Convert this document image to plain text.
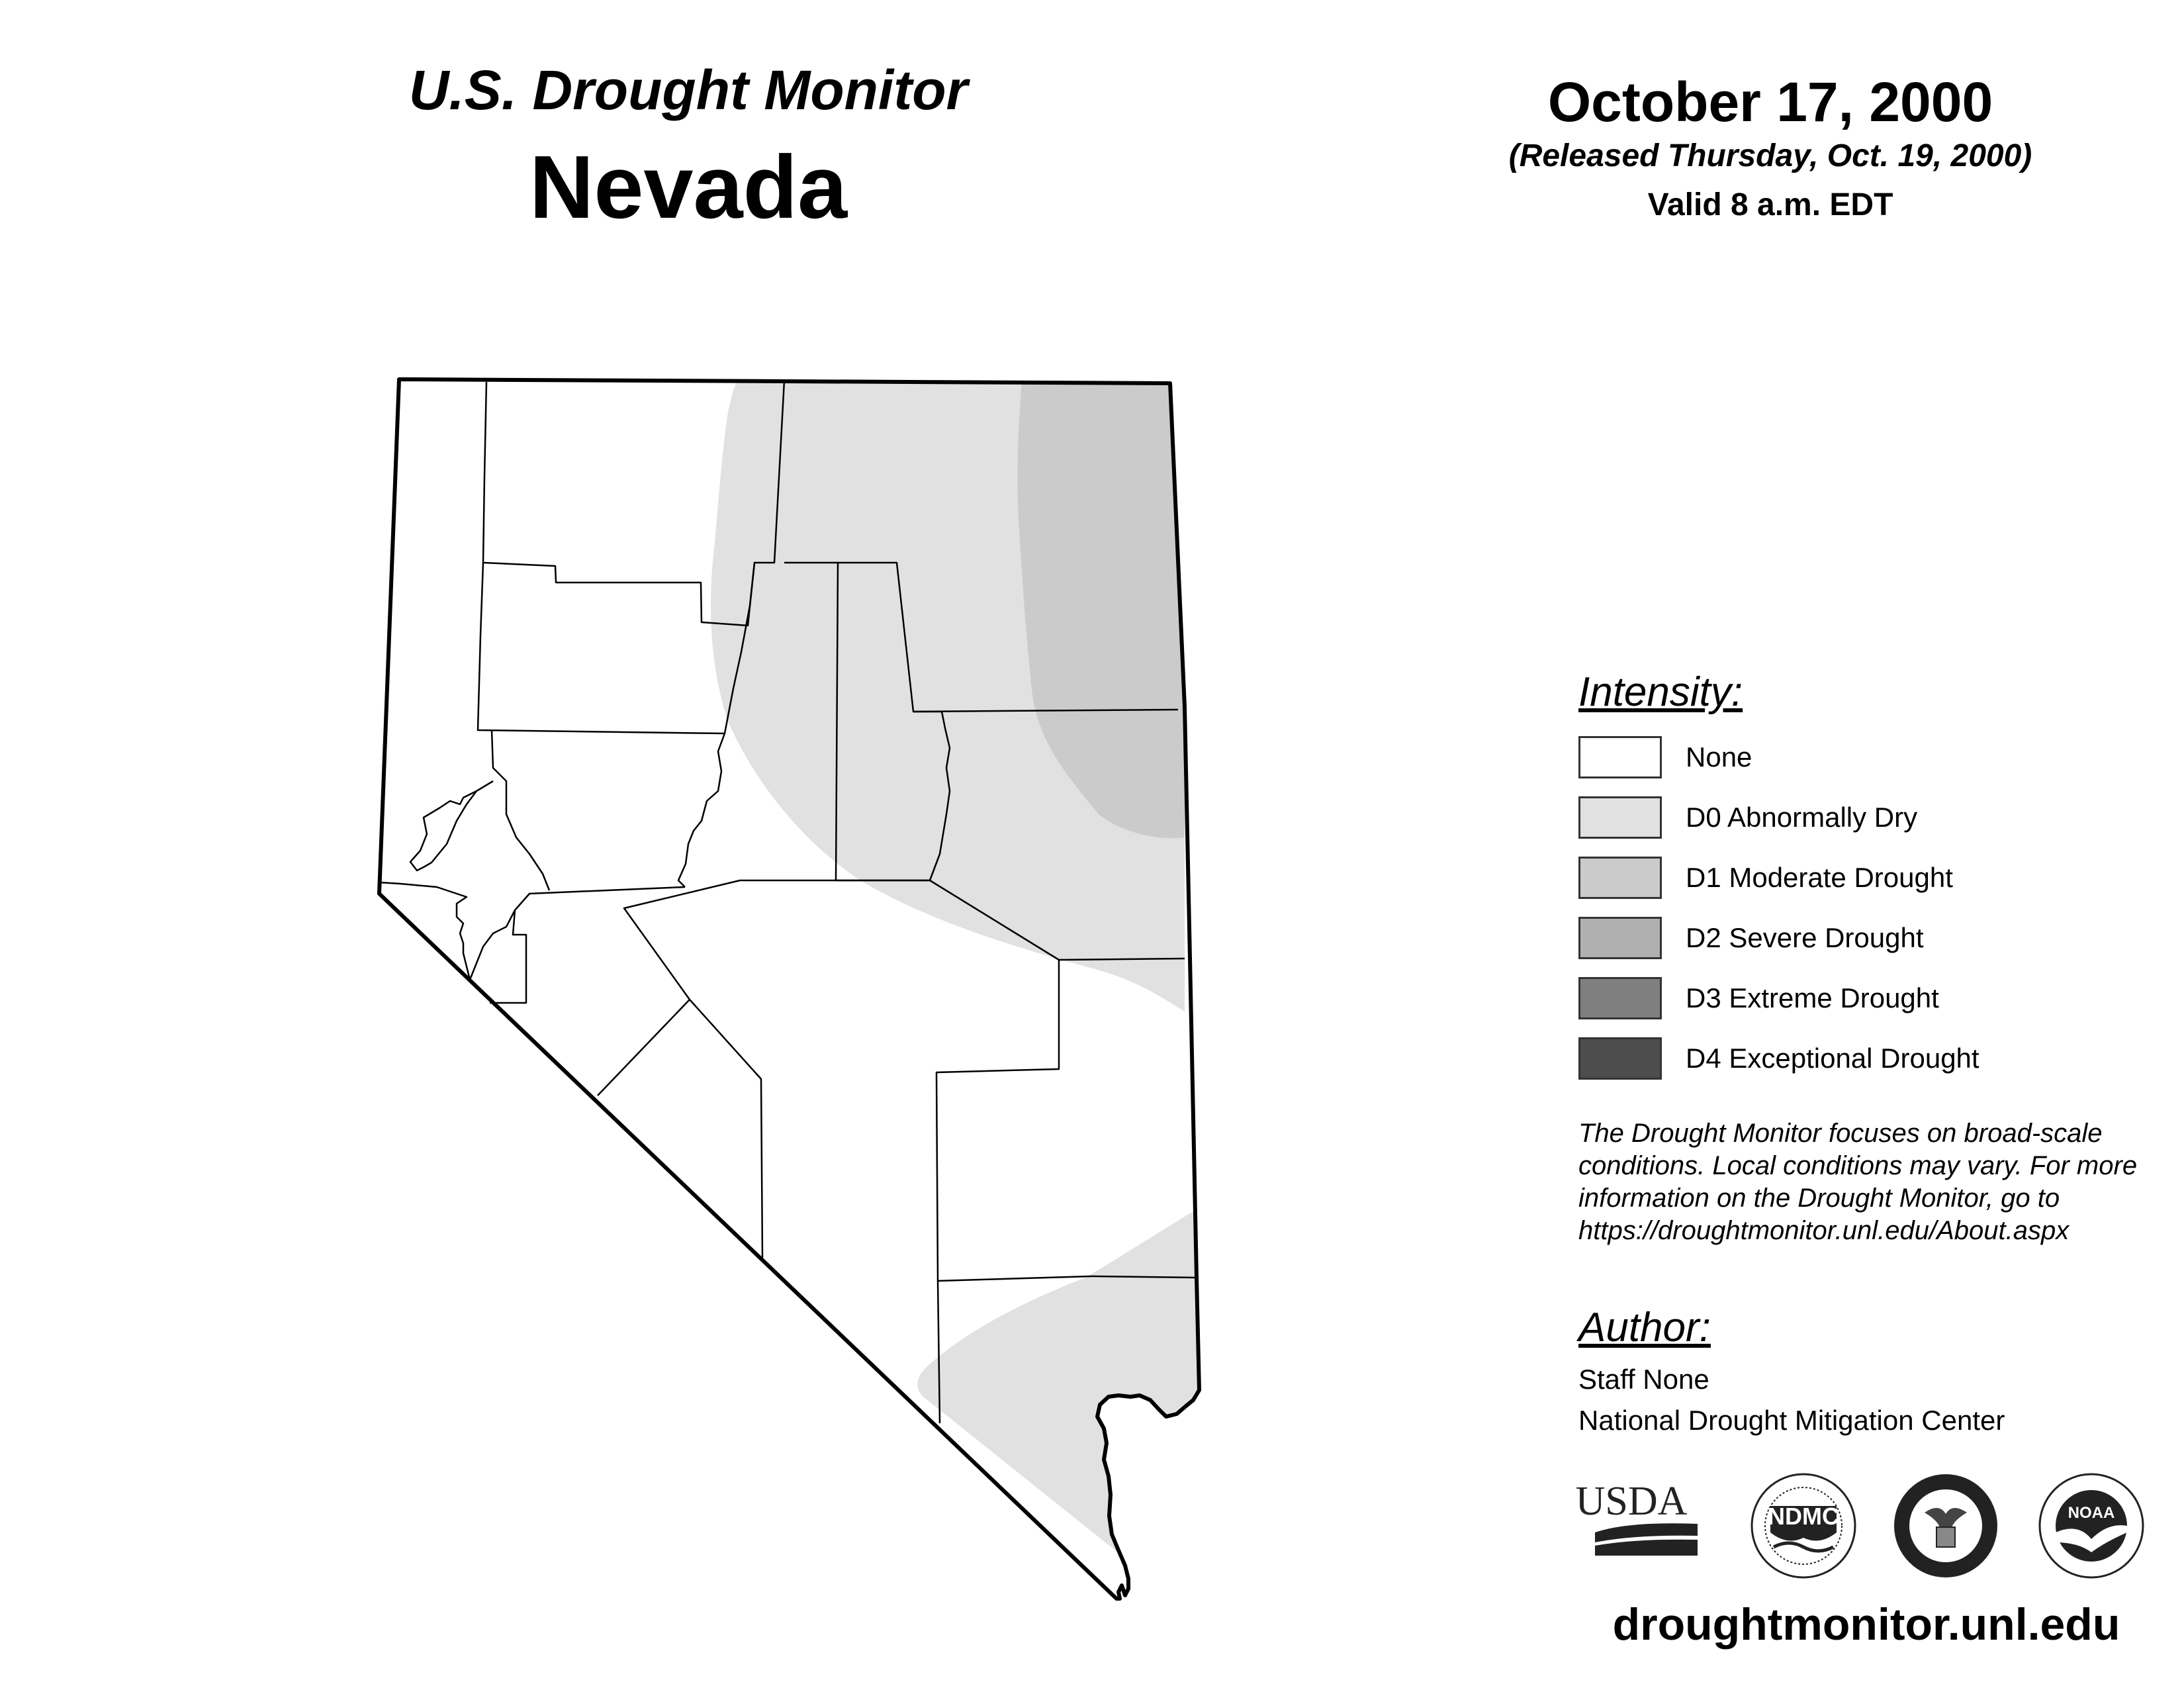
U.S. Drought Monitor
Nevada
October 17, 2000
(Released Thursday, Oct. 19, 2000)
Valid 8 a.m. EDT
Intensity:
None
D0 Abnormally Dry
D1 Moderate Drought
D2 Severe Drought
D3 Extreme Drought
D4 Exceptional Drought
The Drought Monitor focuses on broad-scale
conditions. Local conditions may vary. For more
information on the Drought Monitor, go to
https://droughtmonitor.unl.edu/About.aspx
Author:
Staff None
National Drought Mitigation Center
USDA	NDMC	NOAA
droughtmonitor.unl.edu
